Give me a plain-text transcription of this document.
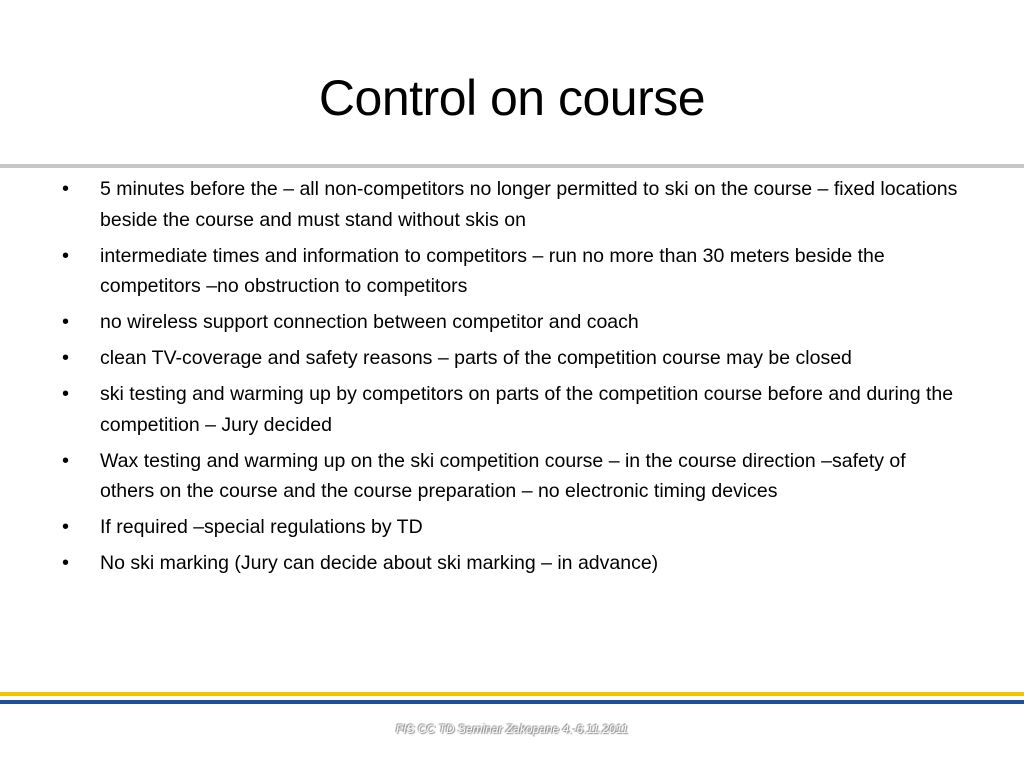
Control on course
•	5 minutes before the – all non-competitors no longer permitted to ski on the course – fixed locations beside the course and must stand without skis on
•	intermediate times and information to competitors – run no more than 30 meters beside the competitors –no obstruction to competitors
•	no wireless support connection between competitor and coach
•	clean TV-coverage and safety reasons – parts of the competition course may be closed
•	ski testing and warming up by competitors on parts of the competition course before and during the competition – Jury decided
•	Wax testing and warming up on the ski competition course – in the course direction –safety of others on the course and the course preparation – no electronic timing devices
•	If required –special regulations by TD
•	No ski marking (Jury can decide about ski marking – in advance)
FIS CC TD Seminar Zakopane 4.-6.11.2011
